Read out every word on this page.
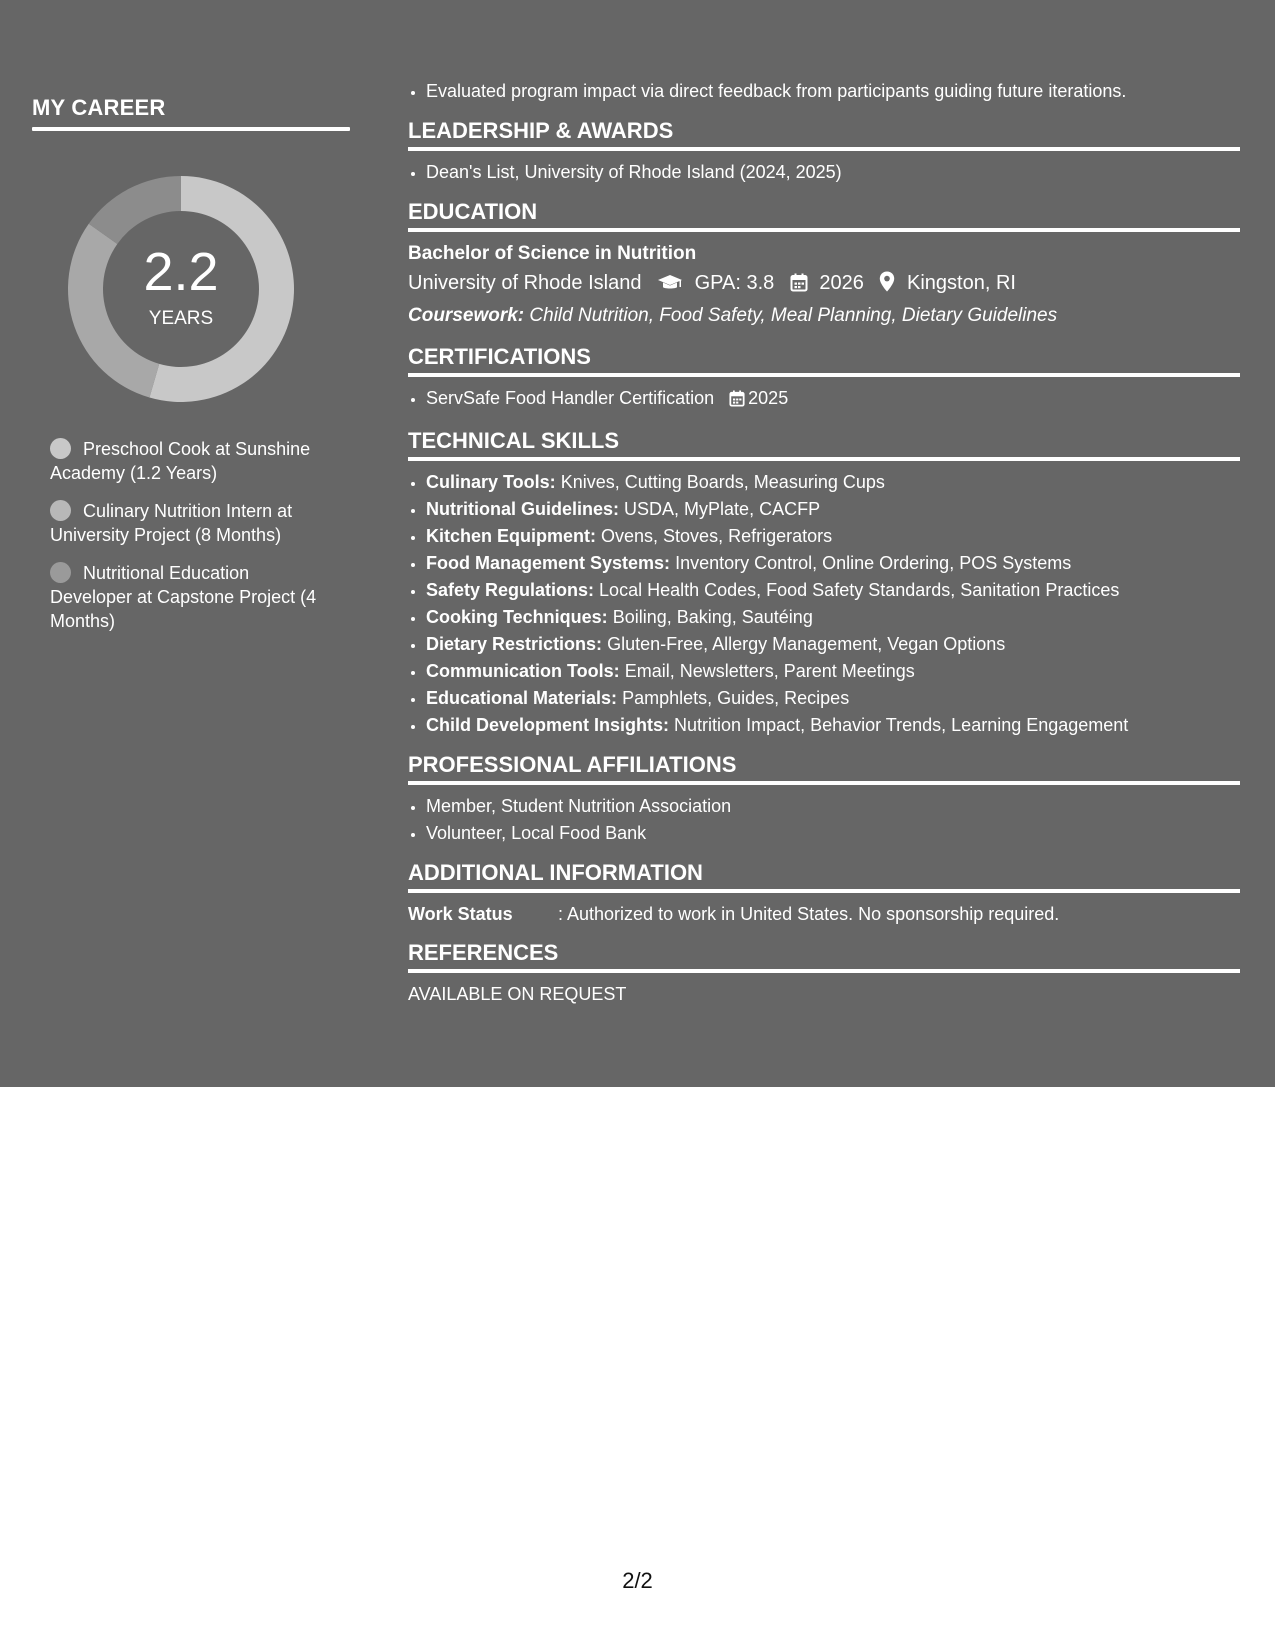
MY CAREER
2.2
YEARS
Preschool Cook at Sunshine Academy (1.2 Years)
Culinary Nutrition Intern at University Project (8 Months)
Nutritional Education Developer at Capstone Project (4 Months)
• Evaluated program impact via direct feedback from participants guiding future iterations.
LEADERSHIP & AWARDS
• Dean's List, University of Rhode Island (2024, 2025)
EDUCATION
Bachelor of Science in Nutrition
University of Rhode Island	GPA: 3.8 2026 Kingston, RI
Coursework: Child Nutrition, Food Safety, Meal Planning, Dietary Guidelines
CERTIFICATIONS
• ServSafe Food Handler Certification 2025
TECHNICAL SKILLS
• Culinary Tools: Knives, Cutting Boards, Measuring Cups
• Nutritional Guidelines: USDA, MyPlate, CACFP
• Kitchen Equipment: Ovens, Stoves, Refrigerators
• Food Management Systems: Inventory Control, Online Ordering, POS Systems
• Safety Regulations: Local Health Codes, Food Safety Standards, Sanitation Practices
• Cooking Techniques: Boiling, Baking, Sautéing
• Dietary Restrictions: Gluten-Free, Allergy Management, Vegan Options
• Communication Tools: Email, Newsletters, Parent Meetings
• Educational Materials: Pamphlets, Guides, Recipes
• Child Development Insights: Nutrition Impact, Behavior Trends, Learning Engagement
PROFESSIONAL AFFILIATIONS
• Member, Student Nutrition Association
• Volunteer, Local Food Bank
ADDITIONAL INFORMATION
Work Status	: Authorized to work in United States. No sponsorship required.
REFERENCES
AVAILABLE ON REQUEST
2/2
